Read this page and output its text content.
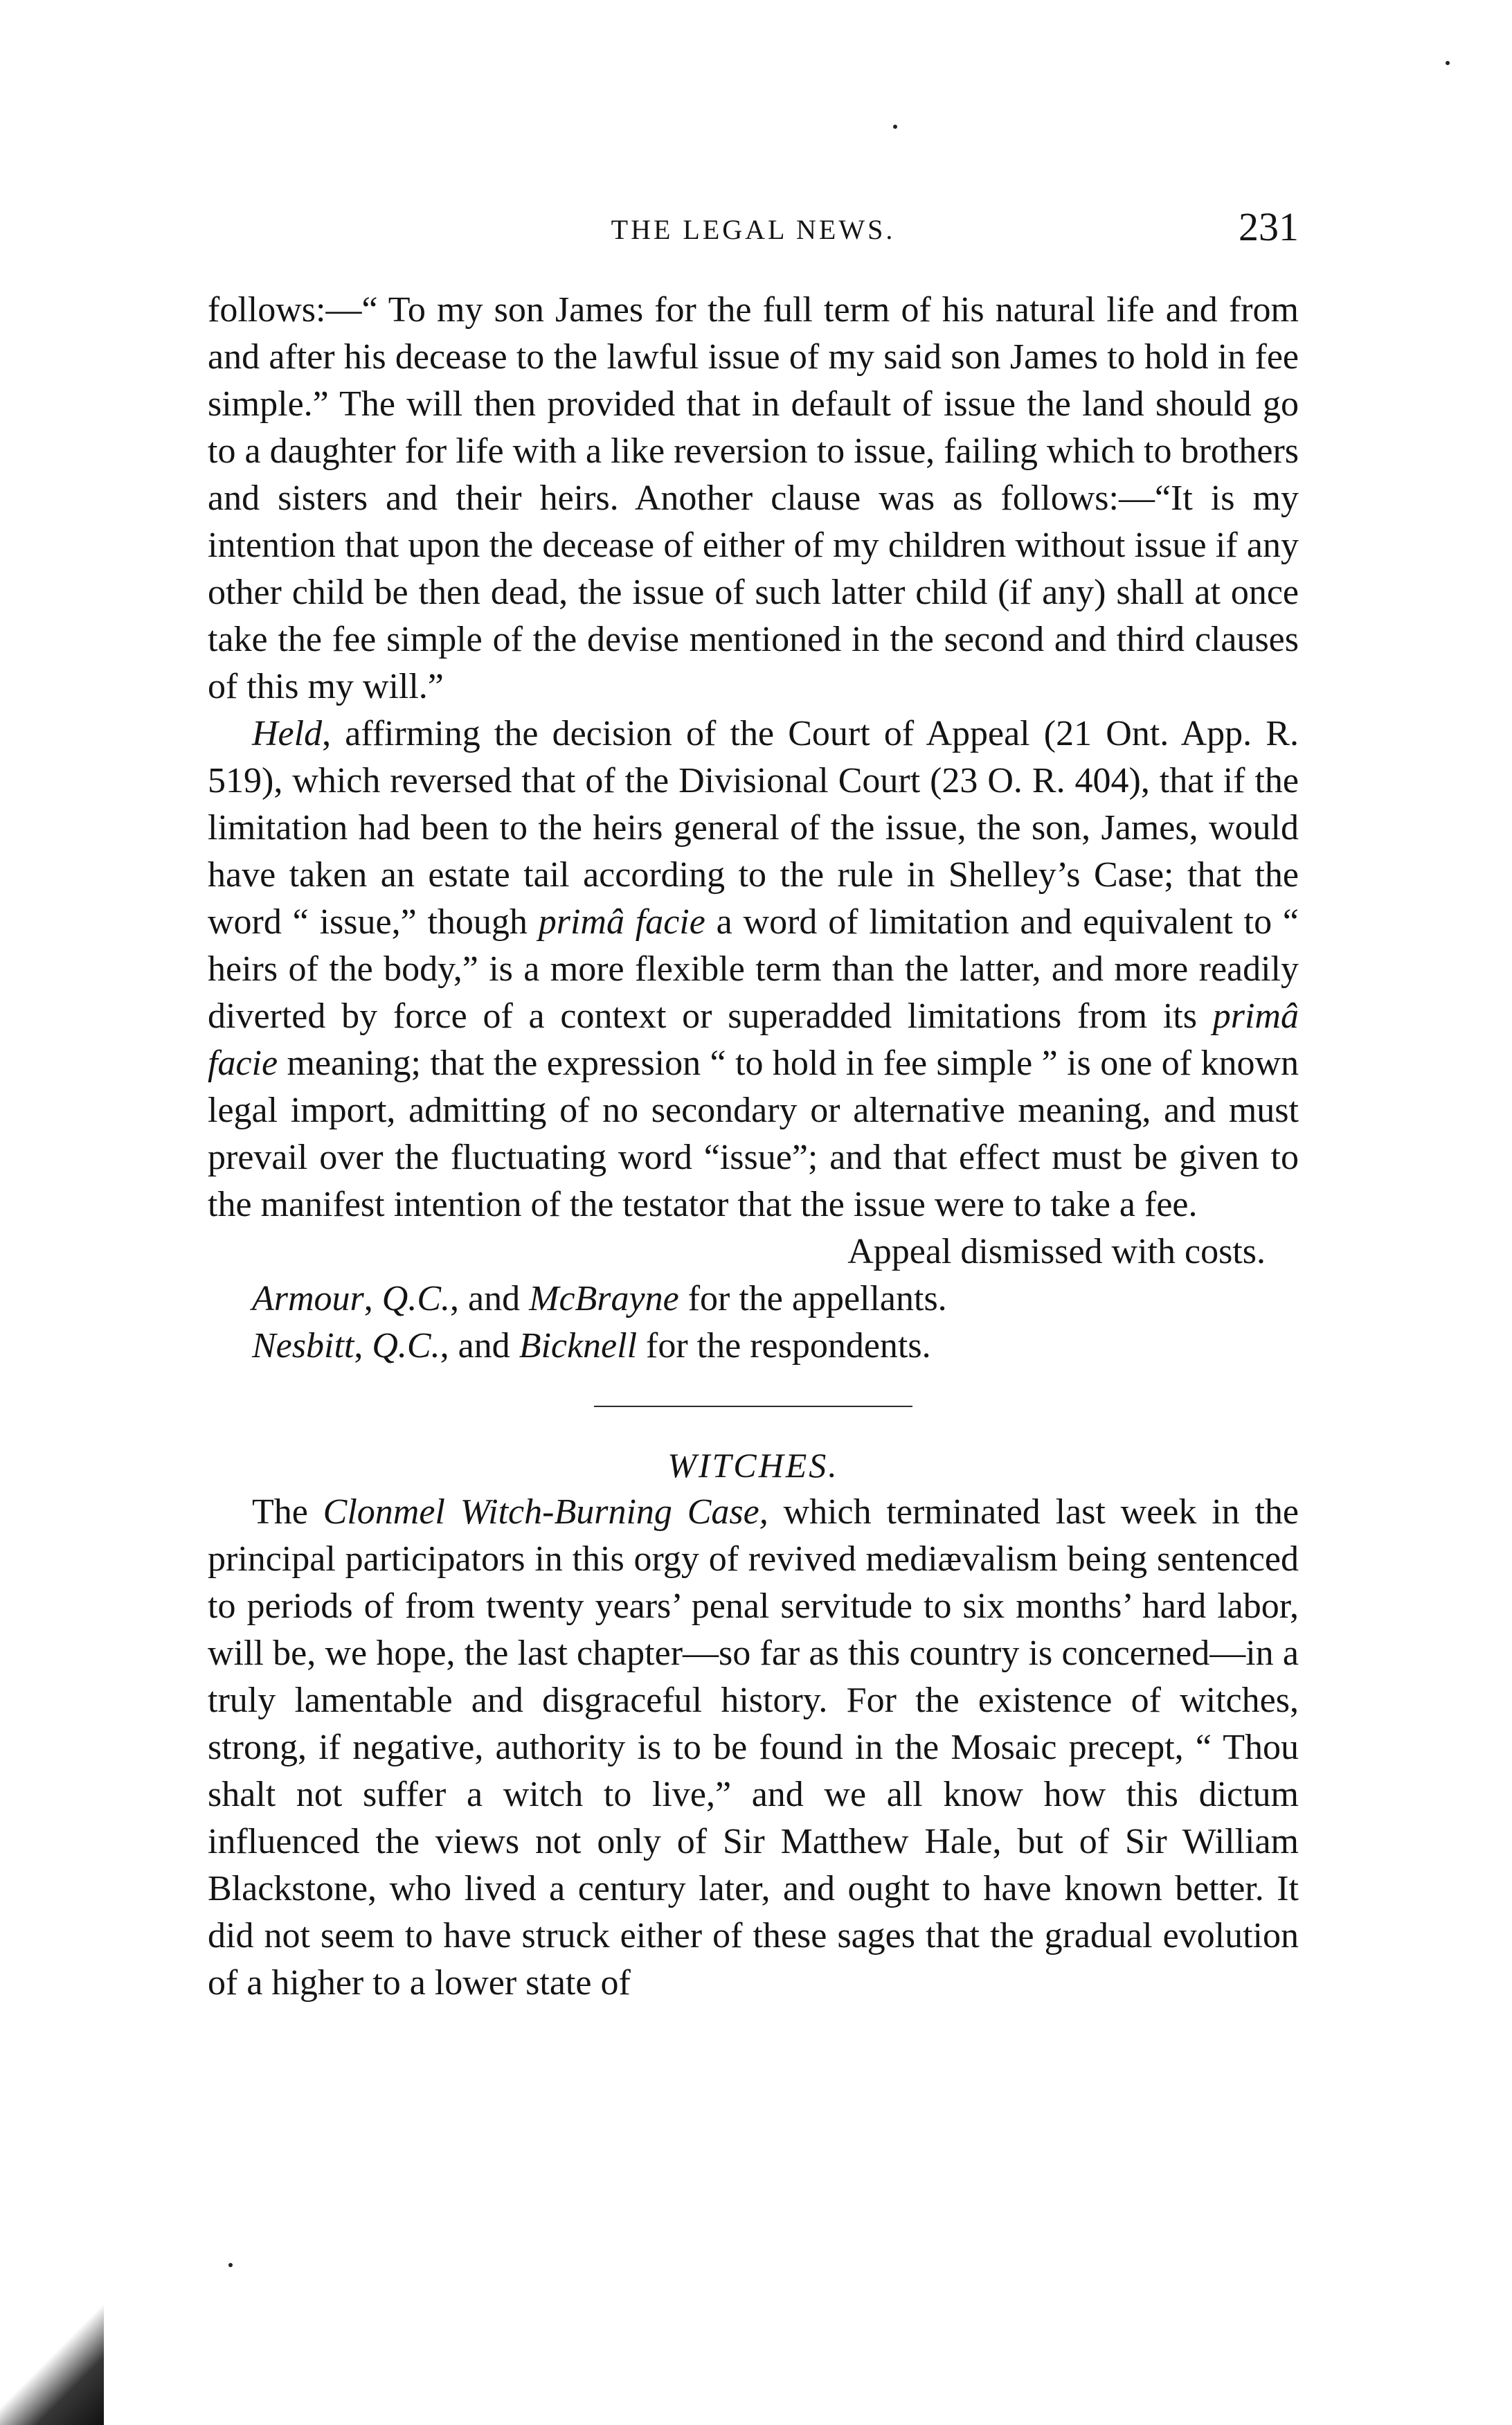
THE LEGAL NEWS.	231

follows:—“ To my son James for the full term of his natural life and from and after his decease to the lawful issue of my said son James to hold in fee simple.” The will then provided that in default of issue the land should go to a daughter for life with a like reversion to issue, failing which to brothers and sisters and their heirs. Another clause was as follows:—“It is my intention that upon the decease of either of my children without issue if any other child be then dead, the issue of such latter child (if any) shall at once take the fee simple of the devise mentioned in the second and third clauses of this my will.”

Held, affirming the decision of the Court of Appeal (21 Ont. App. R. 519), which reversed that of the Divisional Court (23 O. R. 404), that if the limitation had been to the heirs general of the issue, the son, James, would have taken an estate tail according to the rule in Shelley’s Case; that the word “ issue,” though primâ facie a word of limitation and equivalent to “ heirs of the body,” is a more flexible term than the latter, and more readily diverted by force of a context or superadded limitations from its primâ facie meaning; that the expression “ to hold in fee simple ” is one of known legal import, admitting of no secondary or alternative meaning, and must prevail over the fluctuating word “issue”; and that effect must be given to the manifest intention of the testator that the issue were to take a fee.

Appeal dismissed with costs.

Armour, Q.C., and McBrayne for the appellants.

Nesbitt, Q.C., and Bicknell for the respondents.

WITCHES.

The Clonmel Witch-Burning Case, which terminated last week in the principal participators in this orgy of revived mediævalism being sentenced to periods of from twenty years’ penal servitude to six months’ hard labor, will be, we hope, the last chapter—so far as this country is concerned—in a truly lamentable and disgraceful history. For the existence of witches, strong, if negative, authority is to be found in the Mosaic precept, “ Thou shalt not suffer a witch to live,” and we all know how this dictum influenced the views not only of Sir Matthew Hale, but of Sir William Blackstone, who lived a century later, and ought to have known better. It did not seem to have struck either of these sages that the gradual evolution of a higher to a lower state of
